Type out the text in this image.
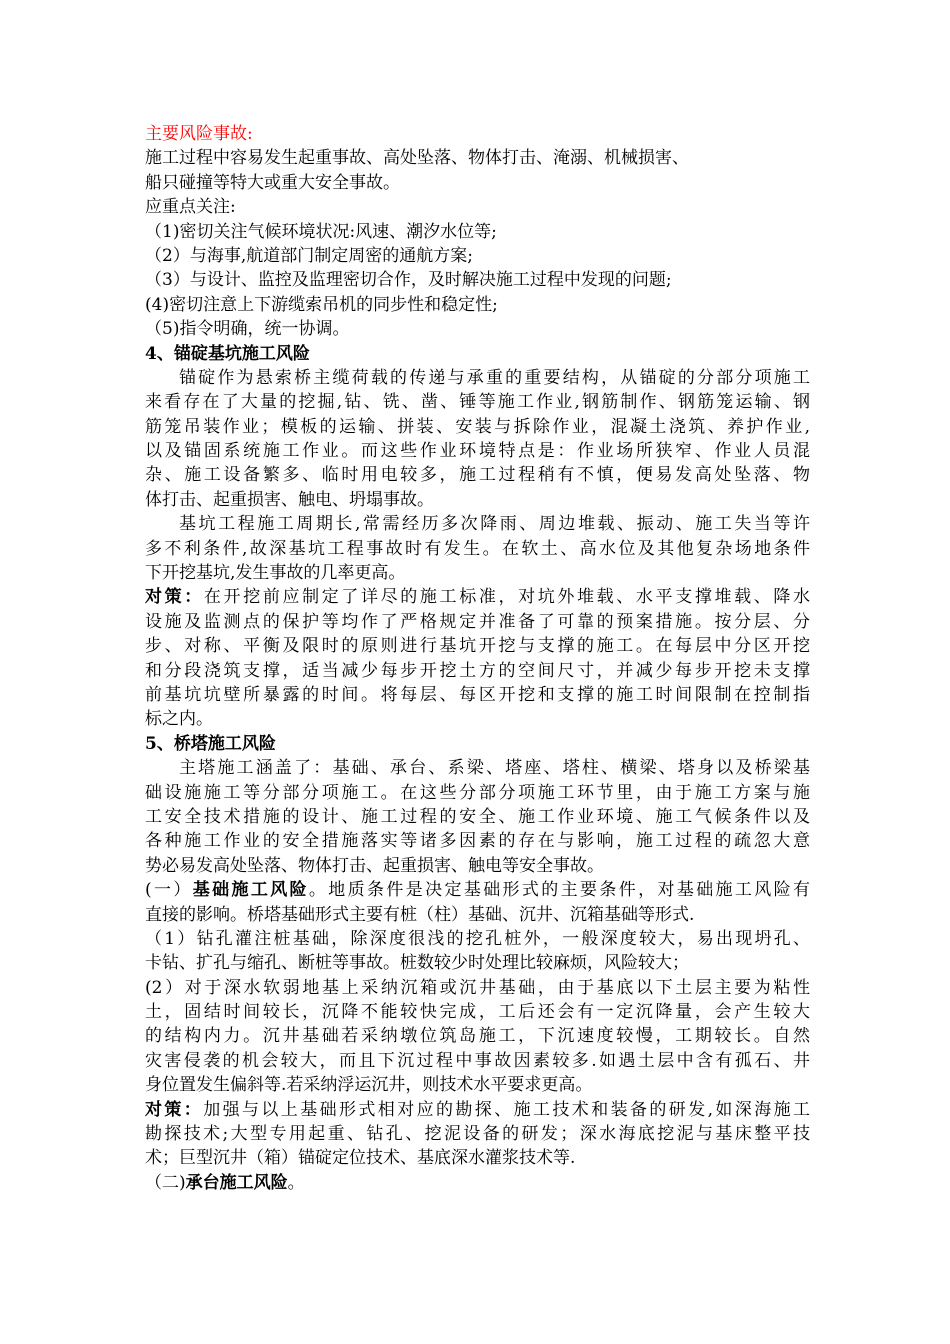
主要风险事故:
施工过程中容易发生起重事故、高处坠落、物体打击、淹溺、机械损害、
船只碰撞等特大或重大安全事故。
应重点关注:
（1)密切关注气候环境状况:风速、潮汐水位等;
（2）与海事,航道部门制定周密的通航方案;
（3）与设计、监控及监理密切合作，及时解决施工过程中发现的问题;
(4)密切注意上下游缆索吊机的同步性和稳定性;
（5)指令明确，统一协调。
4、锚碇基坑施工风险
锚碇作为悬索桥主缆荷载的传递与承重的重要结构，从锚碇的分部分项施工
来看存在了大量的挖掘,钻、铣、凿、锤等施工作业,钢筋制作、钢筋笼运输、钢
筋笼吊装作业；模板的运输、拼装、安装与拆除作业，混凝土浇筑、养护作业,
以及锚固系统施工作业。而这些作业环境特点是：作业场所狭窄、作业人员混
杂、施工设备繁多、临时用电较多，施工过程稍有不慎，便易发高处坠落、物
体打击、起重损害、触电、坍塌事故。
基坑工程施工周期长,常需经历多次降雨、周边堆载、振动、施工失当等许
多不利条件,故深基坑工程事故时有发生。在软土、高水位及其他复杂场地条件
下开挖基坑,发生事故的几率更高。
对策：在开挖前应制定了详尽的施工标准，对坑外堆载、水平支撑堆载、降水
设施及监测点的保护等均作了严格规定并准备了可靠的预案措施。按分层、分
步、对称、平衡及限时的原则进行基坑开挖与支撑的施工。在每层中分区开挖
和分段浇筑支撑，适当减少每步开挖土方的空间尺寸，并减少每步开挖未支撑
前基坑坑壁所暴露的时间。将每层、每区开挖和支撑的施工时间限制在控制指
标之内。
5、桥塔施工风险
主塔施工涵盖了：基础、承台、系梁、塔座、塔柱、横梁、塔身以及桥梁基
础设施施工等分部分项施工。在这些分部分项施工环节里，由于施工方案与施
工安全技术措施的设计、施工过程的安全、施工作业环境、施工气候条件以及
各种施工作业的安全措施落实等诸多因素的存在与影响，施工过程的疏忽大意
势必易发高处坠落、物体打击、起重损害、触电等安全事故。
(一）基础施工风险。地质条件是决定基础形式的主要条件，对基础施工风险有
直接的影响。桥塔基础形式主要有桩（柱）基础、沉井、沉箱基础等形式.
（1）钻孔灌注桩基础，除深度很浅的挖孔桩外，一般深度较大，易出现坍孔、
卡钻、扩孔与缩孔、断桩等事故。桩数较少时处理比较麻烦，风险较大；
(2）对于深水软弱地基上采纳沉箱或沉井基础，由于基底以下土层主要为粘性
土，固结时间较长，沉降不能较快完成，工后还会有一定沉降量，会产生较大
的结构内力。沉井基础若采纳墩位筑岛施工，下沉速度较慢，工期较长。自然
灾害侵袭的机会较大，而且下沉过程中事故因素较多.如遇土层中含有孤石、井
身位置发生偏斜等.若采纳浮运沉井，则技术水平要求更高。
对策：加强与以上基础形式相对应的勘探、施工技术和装备的研发,如深海施工
勘探技术;大型专用起重、钻孔、挖泥设备的研发；深水海底挖泥与基床整平技
术；巨型沉井（箱）锚碇定位技术、基底深水灌浆技术等.
（二)承台施工风险。
